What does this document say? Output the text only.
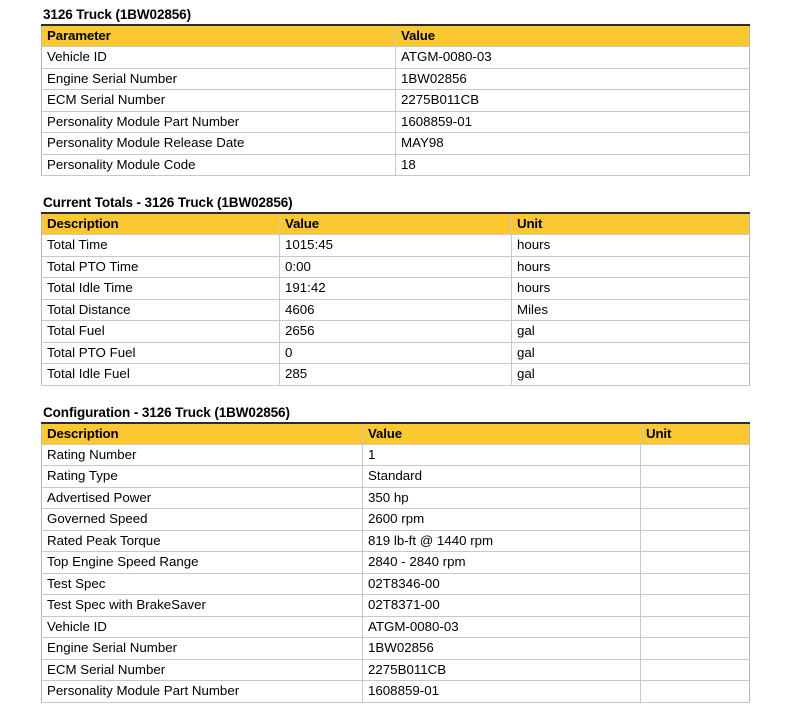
3126 Truck (1BW02856)
Parameter	Value
Vehicle ID	ATGM-0080-03
Engine Serial Number	1BW02856
ECM Serial Number	2275B011CB
Personality Module Part Number	1608859-01
Personality Module Release Date	MAY98
Personality Module Code	18
Current Totals - 3126 Truck (1BW02856)
Description	Value	Unit
Total Time	1015:45	hours
Total PTO Time	0:00	hours
Total Idle Time	191:42	hours
Total Distance	4606	Miles
Total Fuel	2656	gal
Total PTO Fuel	0	gal
Total Idle Fuel	285	gal
Configuration - 3126 Truck (1BW02856)
Description	Value	Unit
Rating Number	1	
Rating Type	Standard	
Advertised Power	350 hp	
Governed Speed	2600 rpm	
Rated Peak Torque	819 lb-ft @ 1440 rpm	
Top Engine Speed Range	2840 - 2840 rpm	
Test Spec	02T8346-00	
Test Spec with BrakeSaver	02T8371-00	
Vehicle ID	ATGM-0080-03	
Engine Serial Number	1BW02856	
ECM Serial Number	2275B011CB	
Personality Module Part Number	1608859-01	
